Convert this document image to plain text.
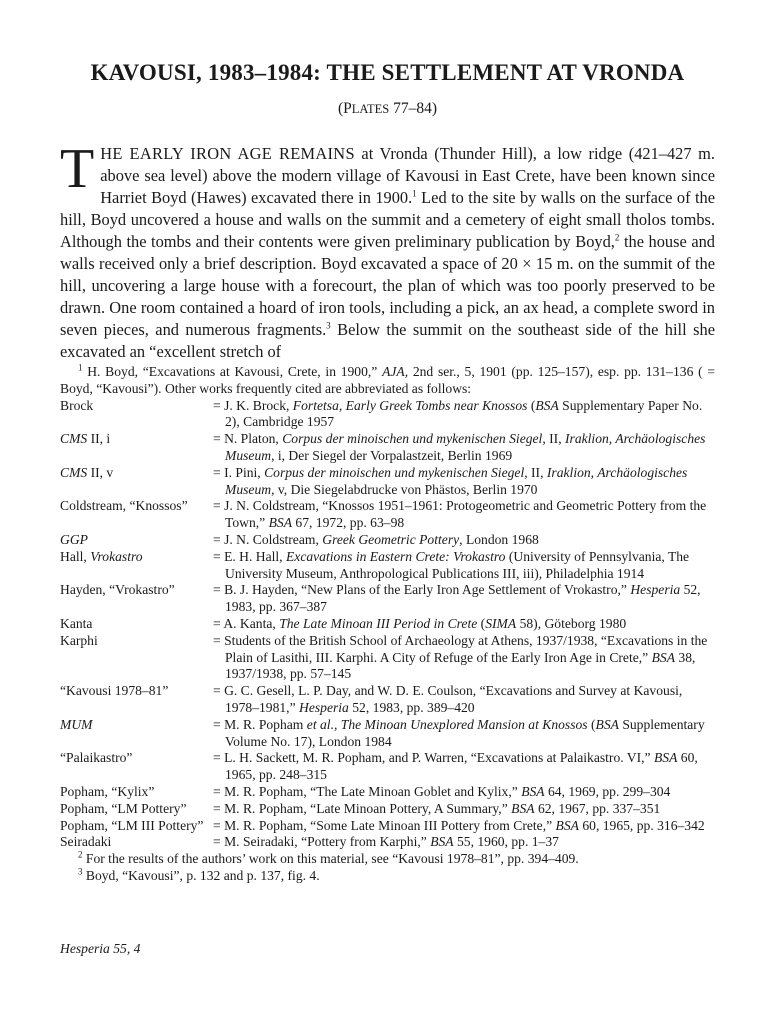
KAVOUSI, 1983–1984: THE SETTLEMENT AT VRONDA
(PLATES 77–84)
THE EARLY IRON AGE REMAINS at Vronda (Thunder Hill), a low ridge (421–427 m. above sea level) above the modern village of Kavousi in East Crete, have been known since Harriet Boyd (Hawes) excavated there in 1900.$^1$ Led to the site by walls on the surface of the hill, Boyd uncovered a house and walls on the summit and a cemetery of eight small tholos tombs. Although the tombs and their contents were given preliminary publication by Boyd,$^2$ the house and walls received only a brief description. Boyd excavated a space of 20 × 15 m. on the summit of the hill, uncovering a large house with a forecourt, the plan of which was too poorly preserved to be drawn. One room contained a hoard of iron tools, including a pick, an ax head, a complete sword in seven pieces, and numerous fragments.$^3$ Below the summit on the southeast side of the hill she excavated an “excellent stretch of
$^1$ H. Boyd, “Excavations at Kavousi, Crete, in 1900,” AJA, 2nd ser., 5, 1901 (pp. 125–157), esp. pp. 131–136 ( = Boyd, “Kavousi”). Other works frequently cited are abbreviated as follows:
Brock	= J. K. Brock, Fortetsa, Early Greek Tombs near Knossos (BSA Supplementary Paper No. 2), Cambridge 1957
CMS II, i	= N. Platon, Corpus der minoischen und mykenischen Siegel, II, Iraklion, Archäologisches Museum, i, Der Siegel der Vorpalastzeit, Berlin 1969
CMS II, v	= I. Pini, Corpus der minoischen und mykenischen Siegel, II, Iraklion, Archäologisches Museum, v, Die Siegelabdrucke von Phästos, Berlin 1970
Coldstream, “Knossos”	= J. N. Coldstream, “Knossos 1951–1961: Protogeometric and Geometric Pottery from the Town,” BSA 67, 1972, pp. 63–98
GGP	= J. N. Coldstream, Greek Geometric Pottery, London 1968
Hall, Vrokastro	= E. H. Hall, Excavations in Eastern Crete: Vrokastro (University of Pennsylvania, The University Museum, Anthropological Publications III, iii), Philadelphia 1914
Hayden, “Vrokastro”	= B. J. Hayden, “New Plans of the Early Iron Age Settlement of Vrokastro,” Hesperia 52, 1983, pp. 367–387
Kanta	= A. Kanta, The Late Minoan III Period in Crete (SIMA 58), Göteborg 1980
Karphi	= Students of the British School of Archaeology at Athens, 1937/1938, “Excavations in the Plain of Lasithi, III. Karphi. A City of Refuge of the Early Iron Age in Crete,” BSA 38, 1937/1938, pp. 57–145
“Kavousi 1978–81”	= G. C. Gesell, L. P. Day, and W. D. E. Coulson, “Excavations and Survey at Kavousi, 1978–1981,” Hesperia 52, 1983, pp. 389–420
MUM	= M. R. Popham et al., The Minoan Unexplored Mansion at Knossos (BSA Supplementary Volume No. 17), London 1984
“Palaikastro”	= L. H. Sackett, M. R. Popham, and P. Warren, “Excavations at Palaikastro. VI,” BSA 60, 1965, pp. 248–315
Popham, “Kylix”	= M. R. Popham, “The Late Minoan Goblet and Kylix,” BSA 64, 1969, pp. 299–304
Popham, “LM Pottery”	= M. R. Popham, “Late Minoan Pottery, A Summary,” BSA 62, 1967, pp. 337–351
Popham, “LM III Pottery” = M. R. Popham, “Some Late Minoan III Pottery from Crete,” BSA 60, 1965, pp. 316–342
Seiradaki	= M. Seiradaki, “Pottery from Karphi,” BSA 55, 1960, pp. 1–37
$^2$ For the results of the authors’ work on this material, see “Kavousi 1978–81”, pp. 394–409.
$^3$ Boyd, “Kavousi”, p. 132 and p. 137, fig. 4.
Hesperia 55, 4
